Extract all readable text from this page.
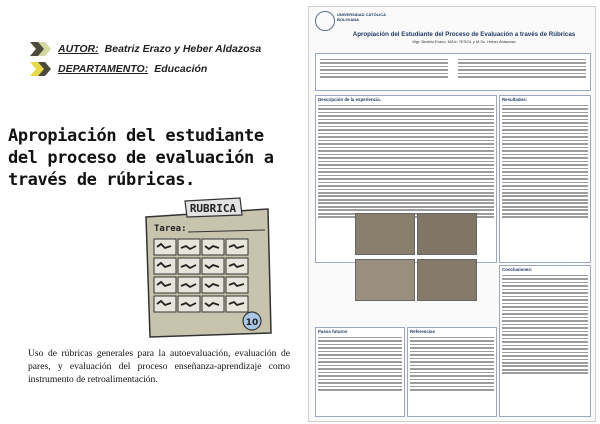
AUTOR: Beatriz Erazo y Heber Aldazosa
DEPARTAMENTO: Educación
Apropiación del estudiante del proceso de evaluación a través de rúbricas.
RUBRICA
Tarea:
10
Uso de rúbricas generales para la autoevaluación, evaluación de pares, y evaluación del proceso enseñanza-aprendizaje como instrumento de retroalimentación.
UNIVERSIDAD CATÓLICA BOLIVIANA
Apropiación del Estudiante del Proceso de Evaluación a través de Rúbricas
Mgr. Beatriz Erazo, MA in TESOL y M.Sc. Heber Aldazosa
Descripción de la experiencia.	Resultados:
Conclusiones:
Pasos futuros	Referencias
